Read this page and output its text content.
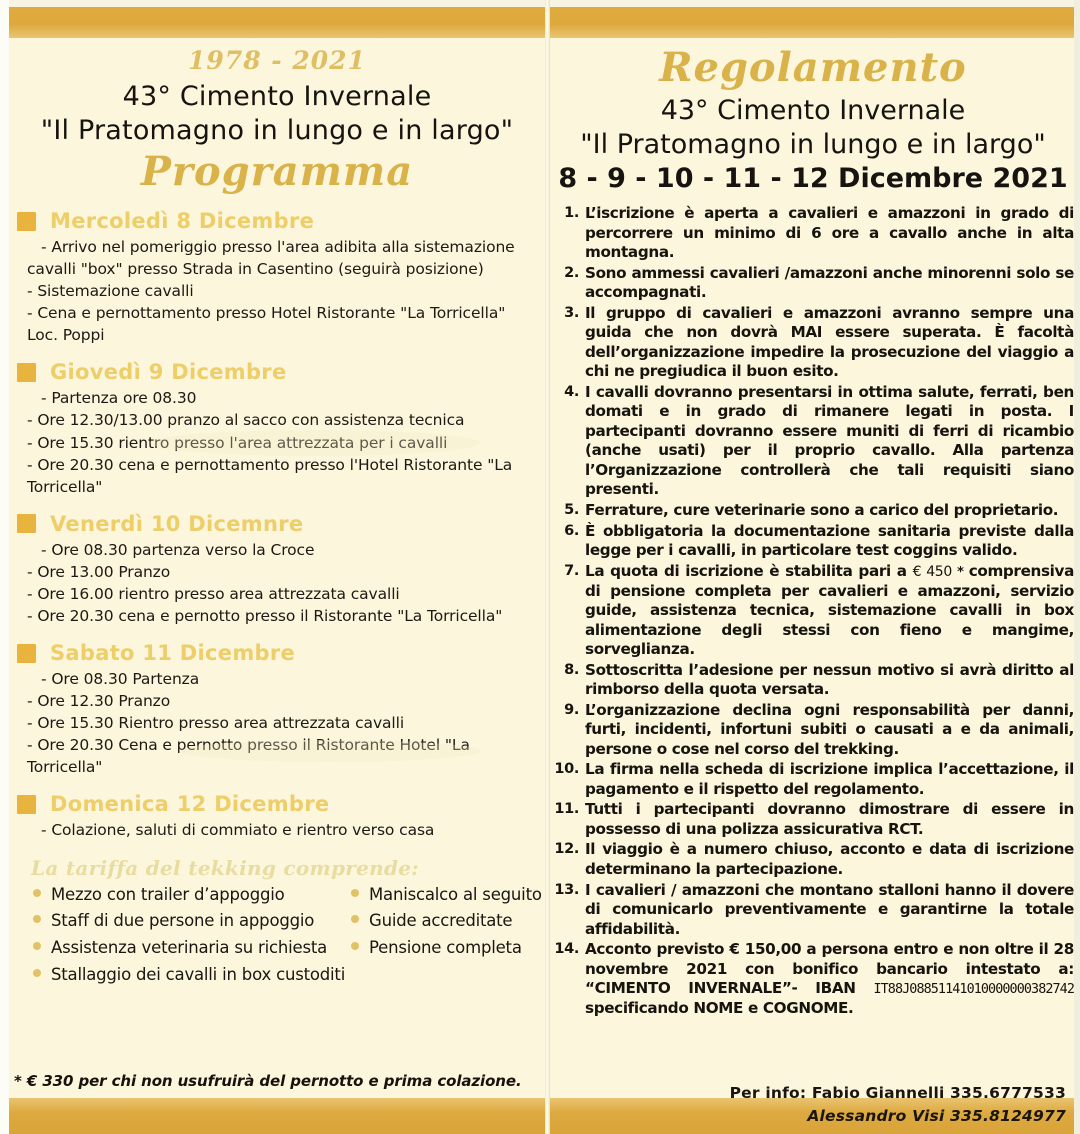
1978 - 2021
43° Cimento Invernale
"Il Pratomagno in lungo e in largo"
Programma
Mercoledì 8 Dicembre
- Arrivo nel pomeriggio presso l'area adibita alla sistemazione
cavalli "box" presso Strada in Casentino (seguirà posizione)
- Sistemazione cavalli
- Cena e pernottamento presso Hotel Ristorante "La Torricella"
Loc. Poppi
Giovedì 9 Dicembre
- Partenza ore 08.30
- Ore 12.30/13.00 pranzo al sacco con assistenza tecnica
- Ore 15.30 rientro presso l'area attrezzata per i cavalli
- Ore 20.30 cena e pernottamento presso l'Hotel Ristorante "La
Torricella"
Venerdì 10 Dicemnre
- Ore 08.30 partenza verso la Croce
- Ore 13.00 Pranzo
- Ore 16.00 rientro presso area attrezzata cavalli
- Ore 20.30 cena e pernotto presso il Ristorante "La Torricella"
Sabato 11 Dicembre
- Ore 08.30 Partenza
- Ore 12.30 Pranzo
- Ore 15.30 Rientro presso area attrezzata cavalli
- Ore 20.30 Cena e pernotto presso il Ristorante Hotel "La
Torricella"
Domenica 12 Dicembre
- Colazione, saluti di commiato e rientro verso casa
La tariffa del tekking comprende:
Mezzo con trailer d’appoggio	Maniscalco al seguito
Staff di due persone in appoggio	Guide accreditate
Assistenza veterinaria su richiesta	Pensione completa
Stallaggio dei cavalli in box custoditi
* € 330 per chi non usufruirà del pernotto e prima colazione.
Regolamento
43° Cimento Invernale
"Il Pratomagno in lungo e in largo"
8 - 9 - 10 - 11 - 12 Dicembre 2021
L’iscrizione è aperta a cavalieri e amazzoni in grado di percorrere un minimo di 6 ore a cavallo anche in alta montagna.
Sono ammessi cavalieri /amazzoni anche minorenni solo se accompagnati.
Il gruppo di cavalieri e amazzoni avranno sempre una guida che non dovrà MAI essere superata. È facoltà dell’organizzazione impedire la prosecuzione del viaggio a chi ne pregiudica il buon esito.
I cavalli dovranno presentarsi in ottima salute, ferrati, ben domati e in grado di rimanere legati in posta. I partecipanti dovranno essere muniti di ferri di ricambio (anche usati) per il proprio cavallo. Alla partenza l’Organizzazione controllerà che tali requisiti siano presenti.
Ferrature, cure veterinarie sono a carico del proprietario.
È obbligatoria la documentazione sanitaria previste dalla legge per i cavalli, in particolare test coggins valido.
La quota di iscrizione è stabilita pari a € 450 * comprensiva di pensione completa per cavalieri e amazzoni, servizio guide, assistenza tecnica, sistemazione cavalli in box alimentazione degli stessi con fieno e mangime, sorveglianza.
Sottoscritta l’adesione per nessun motivo si avrà diritto al rimborso della quota versata.
L’organizzazione declina ogni responsabilità per danni, furti, incidenti, infortuni subiti o causati a e da animali, persone o cose nel corso del trekking.
La firma nella scheda di iscrizione implica l’accettazione, il pagamento e il rispetto del regolamento.
Tutti i partecipanti dovranno dimostrare di essere in possesso di una polizza assicurativa RCT.
Il viaggio è a numero chiuso, acconto e data di iscrizione determinano la partecipazione.
I cavalieri / amazzoni che montano stalloni hanno il dovere di comunicarlo preventivamente e garantirne la totale affidabilità.
Acconto previsto € 150,00 a persona entro e non oltre il 28 novembre 2021 con bonifico bancario intestato a: “CIMENTO INVERNALE”- IBAN IT88J08851141010000000382742 specificando NOME e COGNOME.
Per info: Fabio Giannelli 335.6777533
Alessandro Visi 335.8124977
